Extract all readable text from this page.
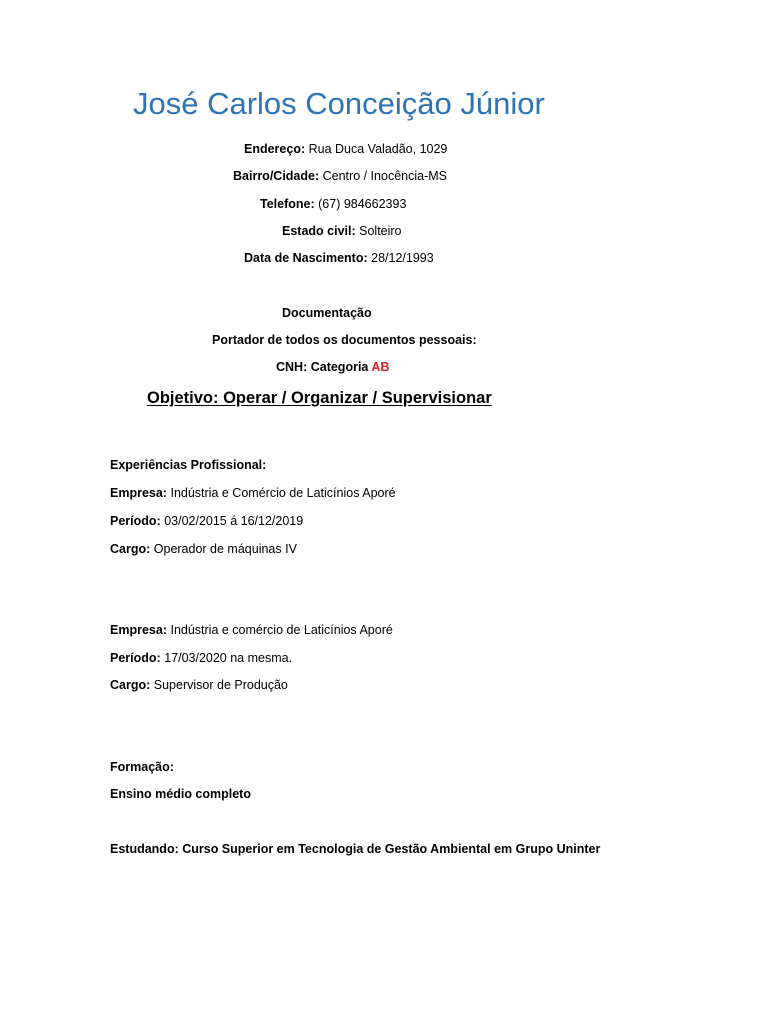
José Carlos Conceição Júnior
Endereço: Rua Duca Valadão, 1029
Bairro/Cidade: Centro / Inocência-MS
Telefone: (67) 984662393
Estado civil: Solteiro
Data de Nascimento: 28/12/1993
Documentação
Portador de todos os documentos pessoais:
CNH: Categoria AB
Objetivo: Operar / Organizar / Supervisionar
Experiências Profissional:
Empresa: Indústria e Comércio de Laticínios Aporé
Período: 03/02/2015 á 16/12/2019
Cargo: Operador de máquinas IV
Empresa: Indústria e comércio de Laticínios Aporé
Período: 17/03/2020 na mesma.
Cargo: Supervisor de Produção
Formação:
Ensino médio completo
Estudando: Curso Superior em Tecnologia de Gestão Ambiental em Grupo Uninter
